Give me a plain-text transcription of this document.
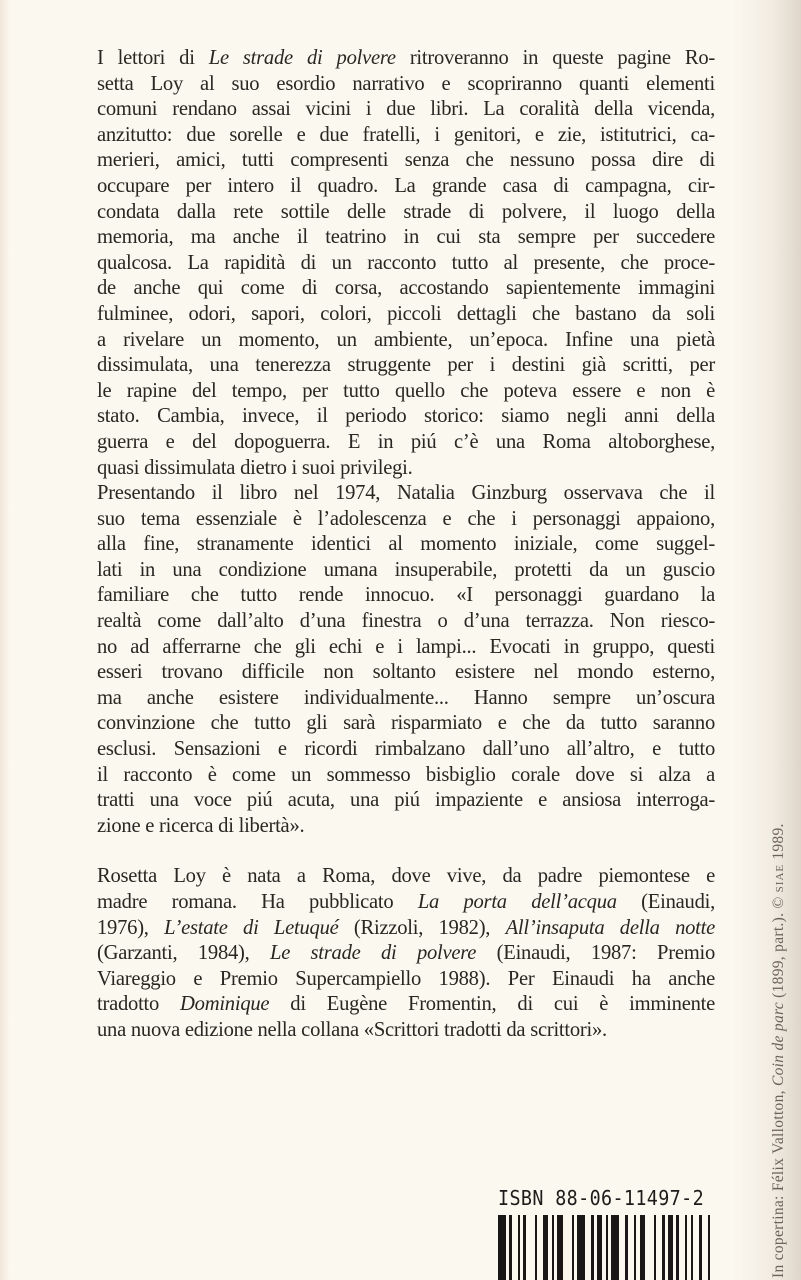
I lettori di Le strade di polvere ritroveranno in queste pagine Ro-
setta Loy al suo esordio narrativo e scopriranno quanti elementi
comuni rendano assai vicini i due libri. La coralità della vicenda,
anzitutto: due sorelle e due fratelli, i genitori, e zie, istitutrici, ca-
merieri, amici, tutti compresenti senza che nessuno possa dire di
occupare per intero il quadro. La grande casa di campagna, cir-
condata dalla rete sottile delle strade di polvere, il luogo della
memoria, ma anche il teatrino in cui sta sempre per succedere
qualcosa. La rapidità di un racconto tutto al presente, che proce-
de anche qui come di corsa, accostando sapientemente immagini
fulminee, odori, sapori, colori, piccoli dettagli che bastano da soli
a rivelare un momento, un ambiente, un’epoca. Infine una pietà
dissimulata, una tenerezza struggente per i destini già scritti, per
le rapine del tempo, per tutto quello che poteva essere e non è
stato. Cambia, invece, il periodo storico: siamo negli anni della
guerra e del dopoguerra. E in piú c’è una Roma altoborghese,
quasi dissimulata dietro i suoi privilegi.
Presentando il libro nel 1974, Natalia Ginzburg osservava che il
suo tema essenziale è l’adolescenza e che i personaggi appaiono,
alla fine, stranamente identici al momento iniziale, come suggel-
lati in una condizione umana insuperabile, protetti da un guscio
familiare che tutto rende innocuo. «I personaggi guardano la
realtà come dall’alto d’una finestra o d’una terrazza. Non riesco-
no ad afferrarne che gli echi e i lampi... Evocati in gruppo, questi
esseri trovano difficile non soltanto esistere nel mondo esterno,
ma anche esistere individualmente... Hanno sempre un’oscura
convinzione che tutto gli sarà risparmiato e che da tutto saranno
esclusi. Sensazioni e ricordi rimbalzano dall’uno all’altro, e tutto
il racconto è come un sommesso bisbiglio corale dove si alza a
tratti una voce piú acuta, una piú impaziente e ansiosa interroga-
zione e ricerca di libertà».
Rosetta Loy è nata a Roma, dove vive, da padre piemontese e
madre romana. Ha pubblicato La porta dell’acqua (Einaudi,
1976), L’estate di Letuqué (Rizzoli, 1982), All’insaputa della notte
(Garzanti, 1984), Le strade di polvere (Einaudi, 1987: Premio
Viareggio e Premio Supercampiello 1988). Per Einaudi ha anche
tradotto Dominique di Eugène Fromentin, di cui è imminente
una nuova edizione nella collana «Scrittori tradotti da scrittori».
ISBN 88-06-11497-2	In copertina: Félix Vallotton, Coin de parc (1899, part.). © SIAE 1989.
